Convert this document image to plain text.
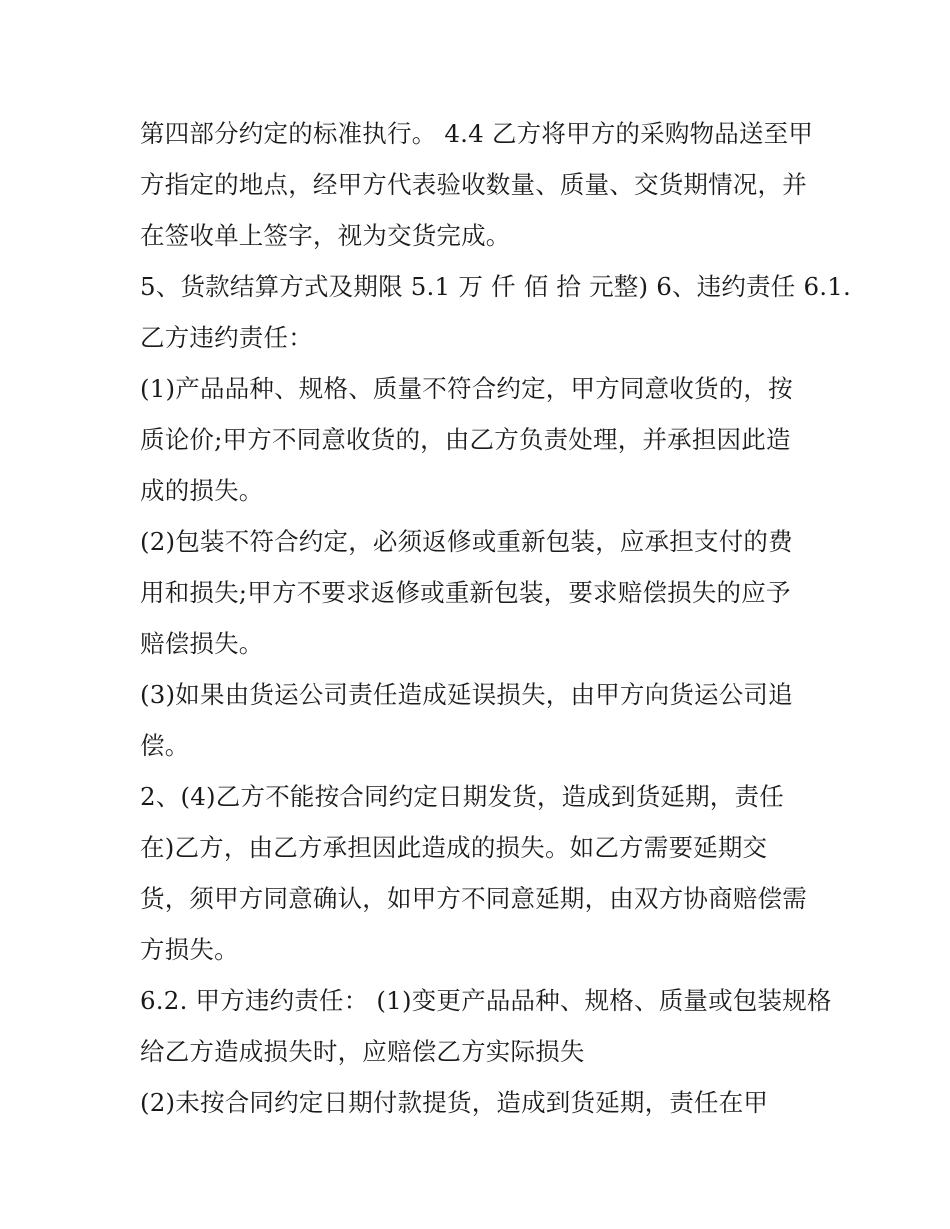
第四部分约定的标准执行。 4.4 乙方将甲方的采购物品送至甲
方指定的地点，经甲方代表验收数量、质量、交货期情况，并
在签收单上签字，视为交货完成。
5、货款结算方式及期限 5.1 万 仟 佰 拾 元整) 6、违约责任 6.1.
乙方违约责任：
(1)产品品种、规格、质量不符合约定，甲方同意收货的，按
质论价;甲方不同意收货的，由乙方负责处理，并承担因此造
成的损失。
(2)包装不符合约定，必须返修或重新包装，应承担支付的费
用和损失;甲方不要求返修或重新包装，要求赔偿损失的应予
赔偿损失。
(3)如果由货运公司责任造成延误损失，由甲方向货运公司追
偿。
2、(4)乙方不能按合同约定日期发货，造成到货延期，责任
在)乙方，由乙方承担因此造成的损失。如乙方需要延期交
货，须甲方同意确认，如甲方不同意延期，由双方协商赔偿需
方损失。
6.2. 甲方违约责任： (1)变更产品品种、规格、质量或包装规格
给乙方造成损失时，应赔偿乙方实际损失
(2)未按合同约定日期付款提货，造成到货延期，责任在甲
